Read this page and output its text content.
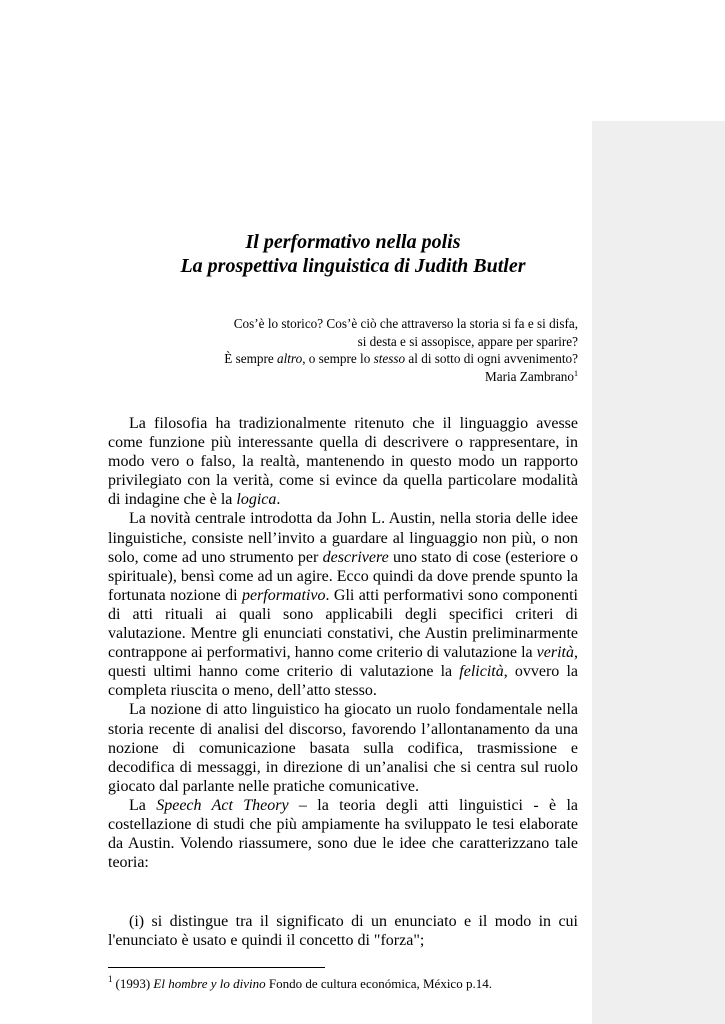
Il performativo nella polis
La prospettiva linguistica di Judith Butler
Cos’è lo storico? Cos’è ciò che attraverso la storia si fa e si disfa,
si desta e si assopisce, appare per sparire?
È sempre altro, o sempre lo stesso al di sotto di ogni avvenimento?
Maria Zambrano$^1$

La filosofia ha tradizionalmente ritenuto che il linguaggio avesse come funzione più interessante quella di descrivere o rappresentare, in modo vero o falso, la realtà, mantenendo in questo modo un rapporto privilegiato con la verità, come si evince da quella particolare modalità di indagine che è la logica.

La novità centrale introdotta da John L. Austin, nella storia delle idee linguistiche, consiste nell’invito a guardare al linguaggio non più, o non solo, come ad uno strumento per descrivere uno stato di cose (esteriore o spirituale), bensì come ad un agire. Ecco quindi da dove prende spunto la fortunata nozione di performativo. Gli atti performativi sono componenti di atti rituali ai quali sono applicabili degli specifici criteri di valutazione. Mentre gli enunciati constativi, che Austin preliminarmente contrappone ai performativi, hanno come criterio di valutazione la verità, questi ultimi hanno come criterio di valutazione la felicità, ovvero la completa riuscita o meno, dell’atto stesso.

La nozione di atto linguistico ha giocato un ruolo fondamentale nella storia recente di analisi del discorso, favorendo l’allontanamento da una nozione di comunicazione basata sulla codifica, trasmissione e decodifica di messaggi, in direzione di un’analisi che si centra sul ruolo giocato dal parlante nelle pratiche comunicative.

La Speech Act Theory – la teoria degli atti linguistici - è la costellazione di studi che più ampiamente ha sviluppato le tesi elaborate da Austin. Volendo riassumere, sono due le idee che caratterizzano tale teoria:

(i) si distingue tra il significato di un enunciato e il modo in cui l'enunciato è usato e quindi il concetto di "forza";

$^1$ (1993) El hombre y lo divino Fondo de cultura económica, México p.14.
